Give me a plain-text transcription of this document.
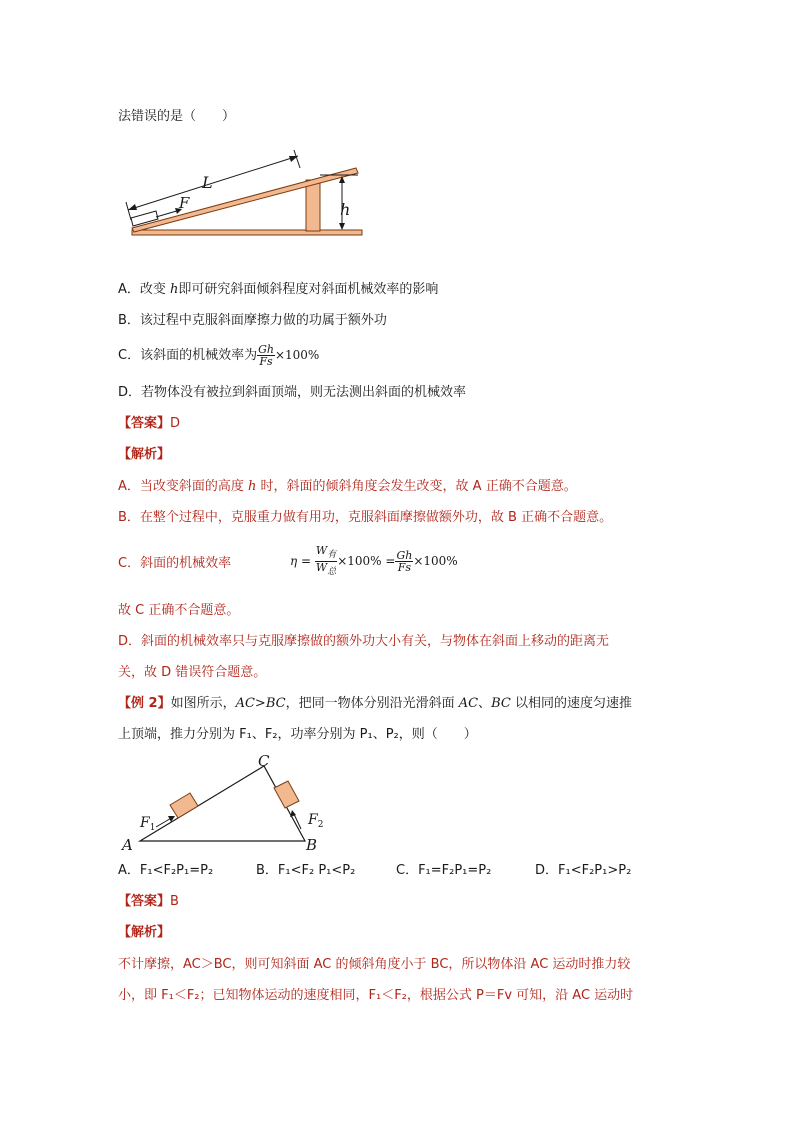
法错误的是（　　）
h
L
F
A．改变 h即可研究斜面倾斜程度对斜面机械效率的影响
B．该过程中克服斜面摩擦力做的功属于额外功
C．该斜面的机械效率为 $\frac{Gh}{Fs} \times 100\%$
D．若物体没有被拉到斜面顶端，则无法测出斜面的机械效率
【答案】D
【解析】
A．当改变斜面的高度 h 时，斜面的倾斜角度会发生改变，故 A 正确不合题意。
B．在整个过程中，克服重力做有用功，克服斜面摩擦做额外功，故 B 正确不合题意。
C．斜面的机械效率	$\eta = \frac{W_有}{W_总} \times 100\% = \frac{Gh}{Fs} \times 100\%$
故 C 正确不合题意。
D．斜面的机械效率只与克服摩擦做的额外功大小有关，与物体在斜面上移动的距离无
关，故 D 错误符合题意。
【例 2】如图所示，AC>BC，把同一物体分别沿光滑斜面 AC、BC 以相同的速度匀速推
上顶端，推力分别为 F₁、F₂，功率分别为 P₁、P₂，则（　　）
A	B
C
$F_1$	$F_2$
A．F₁<F₂P₁=P₂	B．F₁<F₂ P₁<P₂	C．F₁=F₂P₁=P₂	D．F₁<F₂P₁>P₂
【答案】B
【解析】
不计摩擦，AC＞BC，则可知斜面 AC 的倾斜角度小于 BC，所以物体沿 AC 运动时推力较
小，即 F₁＜F₂；已知物体运动的速度相同，F₁＜F₂，根据公式 P＝Fv 可知，沿 AC 运动时
